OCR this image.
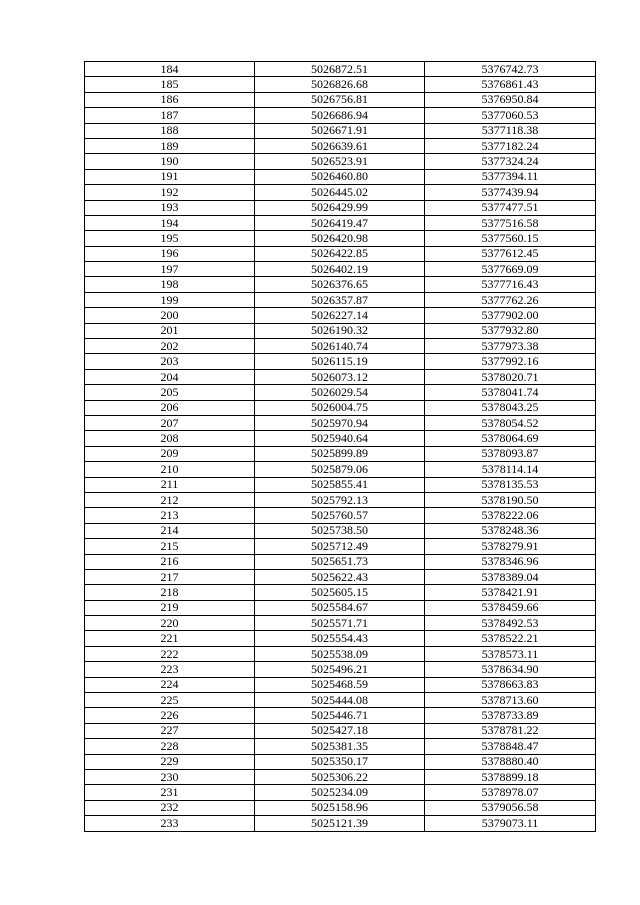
184	5026872.51	5376742.73
185	5026826.68	5376861.43
186	5026756.81	5376950.84
187	5026686.94	5377060.53
188	5026671.91	5377118.38
189	5026639.61	5377182.24
190	5026523.91	5377324.24
191	5026460.80	5377394.11
192	5026445.02	5377439.94
193	5026429.99	5377477.51
194	5026419.47	5377516.58
195	5026420.98	5377560.15
196	5026422.85	5377612.45
197	5026402.19	5377669.09
198	5026376.65	5377716.43
199	5026357.87	5377762.26
200	5026227.14	5377902.00
201	5026190.32	5377932.80
202	5026140.74	5377973.38
203	5026115.19	5377992.16
204	5026073.12	5378020.71
205	5026029.54	5378041.74
206	5026004.75	5378043.25
207	5025970.94	5378054.52
208	5025940.64	5378064.69
209	5025899.89	5378093.87
210	5025879.06	5378114.14
211	5025855.41	5378135.53
212	5025792.13	5378190.50
213	5025760.57	5378222.06
214	5025738.50	5378248.36
215	5025712.49	5378279.91
216	5025651.73	5378346.96
217	5025622.43	5378389.04
218	5025605.15	5378421.91
219	5025584.67	5378459.66
220	5025571.71	5378492.53
221	5025554.43	5378522.21
222	5025538.09	5378573.11
223	5025496.21	5378634.90
224	5025468.59	5378663.83
225	5025444.08	5378713.60
226	5025446.71	5378733.89
227	5025427.18	5378781.22
228	5025381.35	5378848.47
229	5025350.17	5378880.40
230	5025306.22	5378899.18
231	5025234.09	5378978.07
232	5025158.96	5379056.58
233	5025121.39	5379073.11
